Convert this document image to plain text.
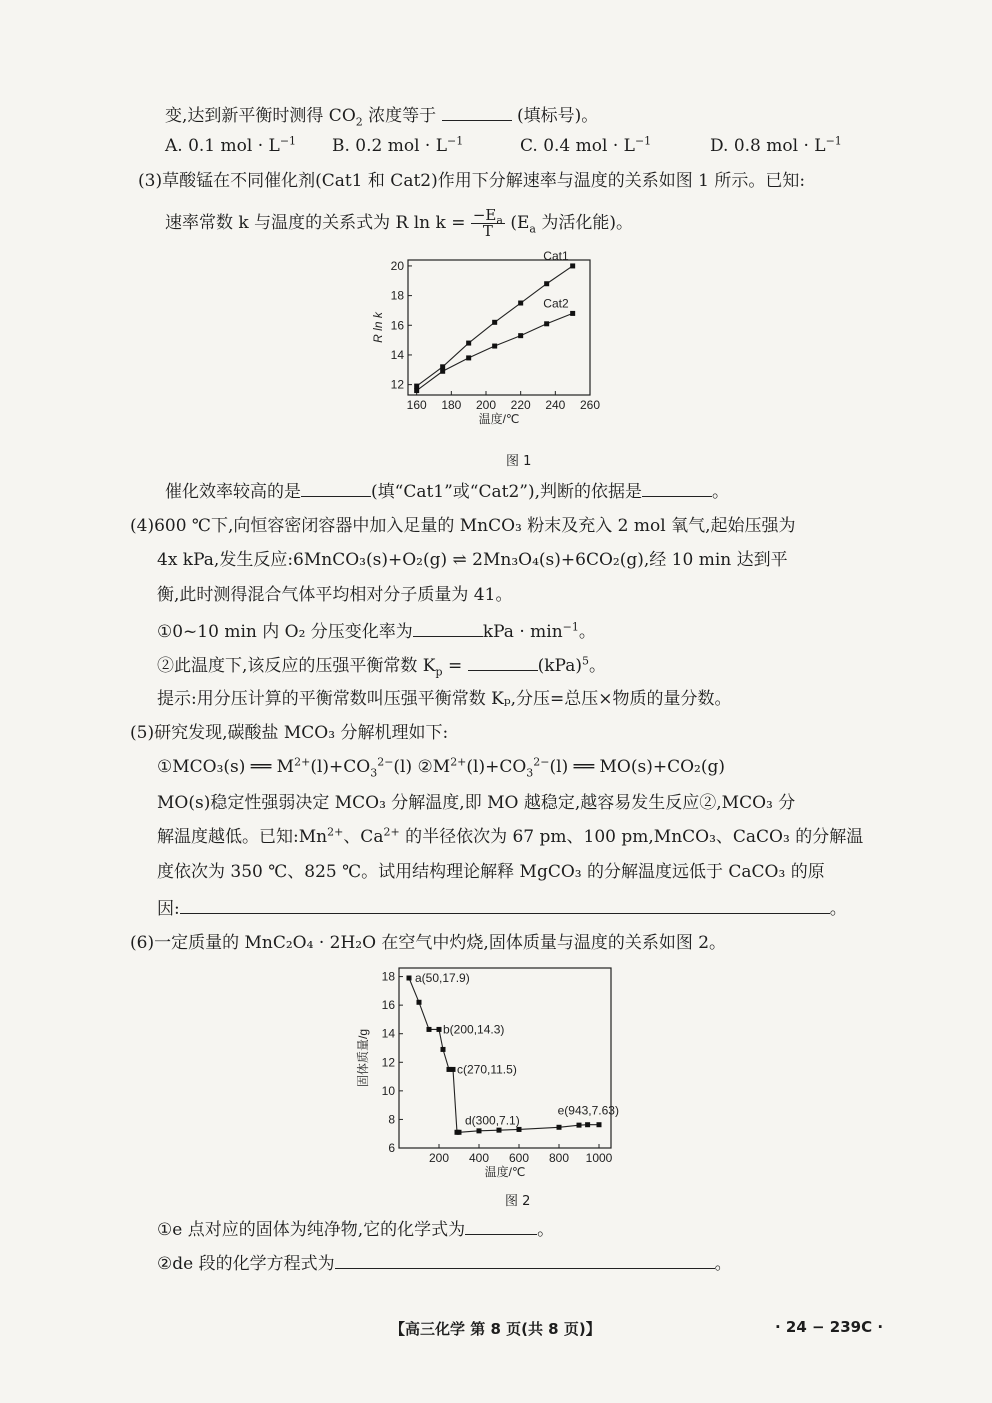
变,达到新平衡时测得 $CO_2$ 浓度等于	(填标号)。
A. 0.1 mol · $L^{-1}$ B. 0.2 mol · $L^{-1}$	C. 0.4 mol · $L^{-1}$	D. 0.8 mol · $L^{-1}$
(3)草酸锰在不同催化剂(Cat1 和 Cat2)作用下分解速率与温度的关系如图 1 所示。已知:
速率常数 k 与温度的关系式为 R $\ln k = \frac{-E_a}{T} (E_a$ 为活化能)。
160 180 200 220 240 260
12
14
16
18
20
温度/℃
R ln k
Cat1
Cat2
图 1
催化效率较高的是	(填“Cat1”或“Cat2”),判断的依据是	。
(4)600 ℃下,向恒容密闭容器中加入足量的 MnCO₃ 粉末及充入 2 mol 氧气,起始压强为
4x kPa,发生反应:6MnCO₃(s)+O₂(g) ⇌ 2Mn₃O₄(s)+6CO₂(g),经 10 min 达到平
衡,此时测得混合气体平均相对分子质量为 41。
①0~10 min 内 O₂ 分压变化率为	kPa · $\min^{-1}$。
②此温度下,该反应的压强平衡常数 $K_p$ =	(kPa)$^5$。
提示:用分压计算的平衡常数叫压强平衡常数 Kₚ,分压=总压×物质的量分数。
(5)研究发现,碳酸盐 MCO₃ 分解机理如下:
①MCO₃(s) ══ $M^{2+}(l)+CO_3^{2-}(l)$ $②M^{2+}(l)+CO_3^{2-}(l)$ ══ MO(s)+CO₂(g)
MO(s)稳定性强弱决定 MCO₃ 分解温度,即 MO 越稳定,越容易发生反应②,MCO₃ 分
解温度越低。已知$:Mn^{2+}$、$Ca^{2+}$ 的半径依次为 67 pm、100 pm,MnCO₃、CaCO₃ 的分解温
度依次为 350 ℃、825 ℃。试用结构理论解释 MgCO₃ 的分解温度远低于 CaCO₃ 的原
因:	。
(6)一定质量的 MnC₂O₄ · 2H₂O 在空气中灼烧,固体质量与温度的关系如图 2。
200 400 600 800 1000
6
8
10
12
14
16
18
温度/℃
固体质量/g
a(50,17.9)
b(200,14.3)
c(270,11.5)
d(300,7.1)
e(943,7.63)
图 2
①e 点对应的固体为纯净物,它的化学式为	。
②de 段的化学方程式为	。
【高三化学 第 8 页(共 8 页)】	· 24 − 239C ·
